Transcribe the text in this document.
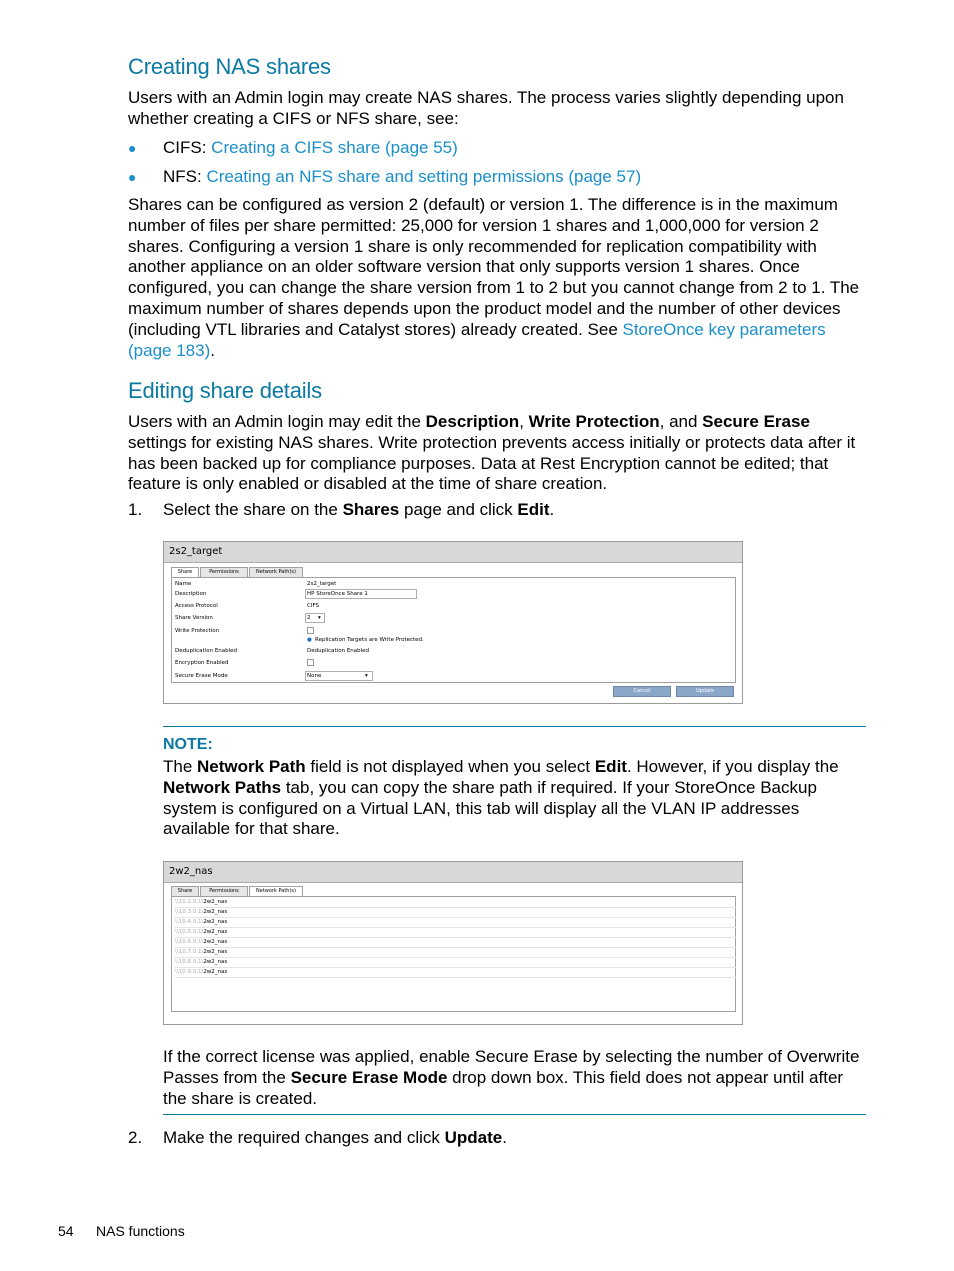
Creating NAS shares

Users with an Admin login may create NAS shares. The process varies slightly depending upon whether creating a CIFS or NFS share, see:

● CIFS: Creating a CIFS share (page 55)
● NFS: Creating an NFS share and setting permissions (page 57)

Shares can be configured as version 2 (default) or version 1. The difference is in the maximum number of files per share permitted: 25,000 for version 1 shares and 1,000,000 for version 2 shares. Configuring a version 1 share is only recommended for replication compatibility with another appliance on an older software version that only supports version 1 shares. Once configured, you can change the share version from 1 to 2 but you cannot change from 2 to 1. The maximum number of shares depends upon the product model and the number of other devices (including VTL libraries and Catalyst stores) already created. See StoreOnce key parameters (page 183).

Editing share details

Users with an Admin login may edit the Description, Write Protection, and Secure Erase settings for existing NAS shares. Write protection prevents access initially or protects data after it has been backed up for compliance purposes. Data at Rest Encryption cannot be edited; that feature is only enabled or disabled at the time of share creation.

1. Select the share on the Shares page and click Edit.
2s2_target
Share	Permissions	Network Path(s)
Name	2s2_target
Description	HP StoreOnce Share 1
Access Protocol	CIFS
Share Version	2 ▾
Write Protection
● Replication Targets are Write Protected.
Deduplication Enabled	Deduplication Enabled
Encryption Enabled
Secure Erase Mode	None	▾
Cancel	Update
NOTE:

The Network Path field is not displayed when you select Edit. However, if you display the Network Paths tab, you can copy the share path if required. If your StoreOnce Backup system is configured on a Virtual LAN, this tab will display all the VLAN IP addresses available for that share.

2w2_nas
Share	Permissions	Network Path(s)
\\10.2.0.1\2w2_nas
\\10.3.0.1\2w2_nas
\\10.4.0.1\2w2_nas
\\10.5.0.1\2w2_nas
\\10.6.0.1\2w2_nas
\\10.7.0.1\2w2_nas
\\10.8.0.1\2w2_nas
\\10.9.0.1\2w2_nas

If the correct license was applied, enable Secure Erase by selecting the number of Overwrite Passes from the Secure Erase Mode drop down box. This field does not appear until after the share is created.

2. Make the required changes and click Update.
54 NAS functions
